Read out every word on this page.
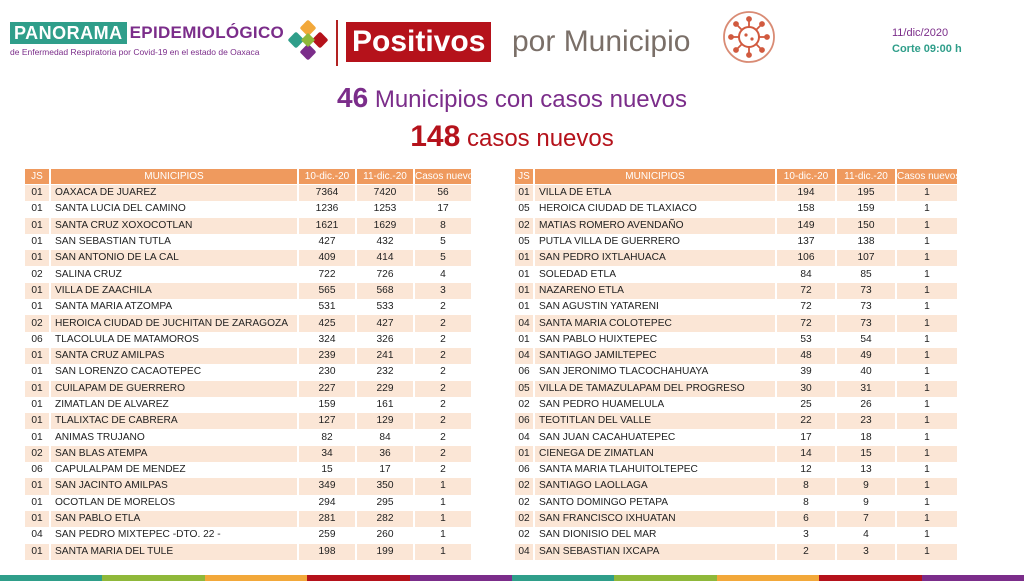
PANORAMA EPIDEMIOLÓGICO
de Enfermedad Respiratoria por Covid-19 en el estado de Oaxaca	Positivos por Municipio	11/dic/2020
Corte 09:00 h
46 Municipios con casos nuevos
148 casos nuevos
JS	MUNICIPIOS	10-dic.-20	11-dic.-20	Casos nuevos
01	OAXACA DE JUAREZ	7364	7420	56
01	SANTA LUCIA DEL CAMINO	1236	1253	17
01	SANTA CRUZ XOXOCOTLAN	1621	1629	8
01	SAN SEBASTIAN TUTLA	427	432	5
01	SAN ANTONIO DE LA CAL	409	414	5
02	SALINA CRUZ	722	726	4
01	VILLA DE ZAACHILA	565	568	3
01	SANTA MARIA ATZOMPA	531	533	2
02	HEROICA CIUDAD DE JUCHITAN DE ZARAGOZA	425	427	2
06	TLACOLULA DE MATAMOROS	324	326	2
01	SANTA CRUZ AMILPAS	239	241	2
01	SAN LORENZO CACAOTEPEC	230	232	2
01	CUILAPAM DE GUERRERO	227	229	2
01	ZIMATLAN DE ALVAREZ	159	161	2
01	TLALIXTAC DE CABRERA	127	129	2
01	ANIMAS TRUJANO	82	84	2
02	SAN BLAS ATEMPA	34	36	2
06	CAPULALPAM DE MENDEZ	15	17	2
01	SAN JACINTO AMILPAS	349	350	1
01	OCOTLAN DE MORELOS	294	295	1
01	SAN PABLO ETLA	281	282	1
04	SAN PEDRO MIXTEPEC -DTO. 22 -	259	260	1
01	SANTA MARIA DEL TULE	198	199	1
JS	MUNICIPIOS	10-dic.-20	11-dic.-20	Casos nuevos
01	VILLA DE ETLA	194	195	1
05	HEROICA CIUDAD DE TLAXIACO	158	159	1
02	MATIAS ROMERO AVENDAÑO	149	150	1
05	PUTLA VILLA DE GUERRERO	137	138	1
01	SAN PEDRO IXTLAHUACA	106	107	1
01	SOLEDAD ETLA	84	85	1
01	NAZARENO ETLA	72	73	1
01	SAN AGUSTIN YATARENI	72	73	1
04	SANTA MARIA COLOTEPEC	72	73	1
01	SAN PABLO HUIXTEPEC	53	54	1
04	SANTIAGO JAMILTEPEC	48	49	1
06	SAN JERONIMO TLACOCHAHUAYA	39	40	1
05	VILLA DE TAMAZULAPAM DEL PROGRESO	30	31	1
02	SAN PEDRO HUAMELULA	25	26	1
06	TEOTITLAN DEL VALLE	22	23	1
04	SAN JUAN CACAHUATEPEC	17	18	1
01	CIENEGA DE ZIMATLAN	14	15	1
06	SANTA MARIA TLAHUITOLTEPEC	12	13	1
02	SANTIAGO LAOLLAGA	8	9	1
02	SANTO DOMINGO PETAPA	8	9	1
02	SAN FRANCISCO IXHUATAN	6	7	1
02	SAN DIONISIO DEL MAR	3	4	1
04	SAN SEBASTIAN IXCAPA	2	3	1
